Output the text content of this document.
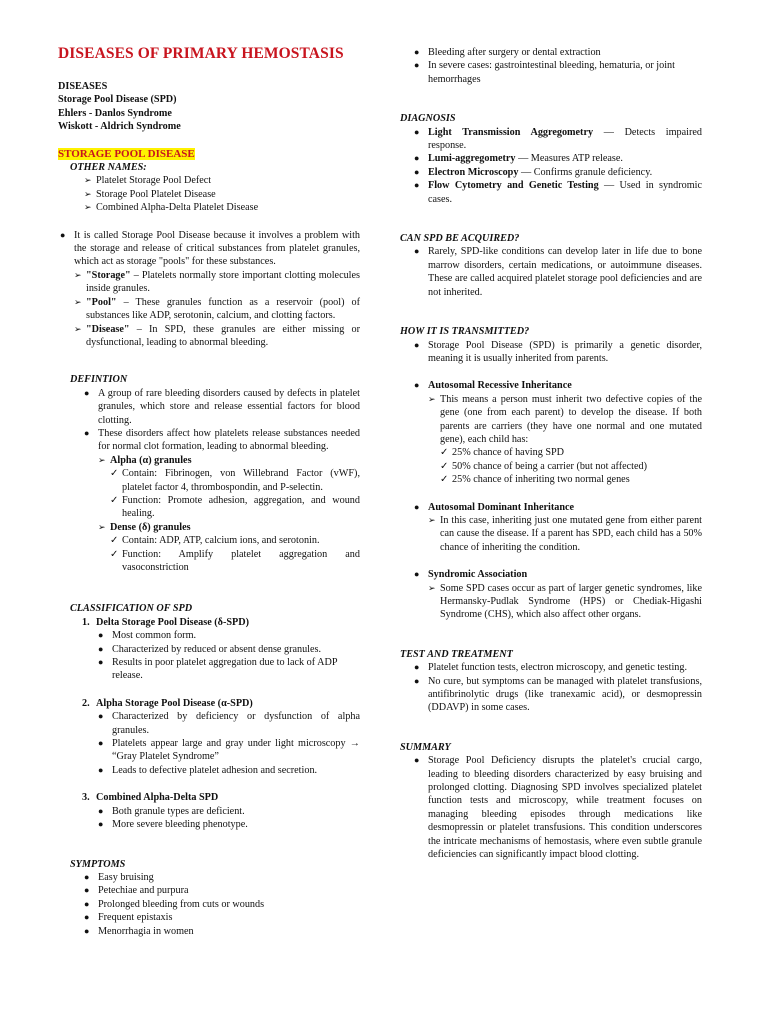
DISEASES OF PRIMARY HEMOSTASIS
DISEASES
Storage Pool Disease (SPD)
Ehlers - Danlos Syndrome
Wiskott - Aldrich Syndrome
STORAGE POOL DISEASE
OTHER NAMES:
➢ Platelet Storage Pool Defect
➢ Storage Pool Platelet Disease
➢ Combined Alpha-Delta Platelet Disease
● It is called Storage Pool Disease because it involves a problem with the storage and release of critical substances from platelet granules, which act as storage "pools" for these substances.
➢ "Storage" – Platelets normally store important clotting molecules inside granules.
➢ "Pool" – These granules function as a reservoir (pool) of substances like ADP, serotonin, calcium, and clotting factors.
➢ "Disease" – In SPD, these granules are either missing or dysfunctional, leading to abnormal bleeding.
DEFINTION
● A group of rare bleeding disorders caused by defects in platelet granules, which store and release essential factors for blood clotting.
● These disorders affect how platelets release substances needed for normal clot formation, leading to abnormal bleeding.
➢ Alpha (α) granules
✓ Contain: Fibrinogen, von Willebrand Factor (vWF), platelet factor 4, thrombospondin, and P-selectin.
✓ Function: Promote adhesion, aggregation, and wound healing.
➢ Dense (δ) granules
✓ Contain: ADP, ATP, calcium ions, and serotonin.
✓ Function: Amplify platelet aggregation and vasoconstriction
CLASSIFICATION OF SPD
1. Delta Storage Pool Disease (δ-SPD)
● Most common form.
● Characterized by reduced or absent dense granules.
● Results in poor platelet aggregation due to lack of ADP release.
2. Alpha Storage Pool Disease (α-SPD)
● Characterized by deficiency or dysfunction of alpha granules.
● Platelets appear large and gray under light microscopy → “Gray Platelet Syndrome”
● Leads to defective platelet adhesion and secretion.
3. Combined Alpha-Delta SPD
● Both granule types are deficient.
● More severe bleeding phenotype.
SYMPTOMS
● Easy bruising
● Petechiae and purpura
● Prolonged bleeding from cuts or wounds
● Frequent epistaxis
● Menorrhagia in women
● Bleeding after surgery or dental extraction
● In severe cases: gastrointestinal bleeding, hematuria, or joint hemorrhages
DIAGNOSIS
● Light Transmission Aggregometry — Detects impaired response.
● Lumi-aggregometry — Measures ATP release.
● Electron Microscopy — Confirms granule deficiency.
● Flow Cytometry and Genetic Testing — Used in syndromic cases.
CAN SPD BE ACQUIRED?
● Rarely, SPD-like conditions can develop later in life due to bone marrow disorders, certain medications, or autoimmune diseases. These are called acquired platelet storage pool deficiencies and are not inherited.
HOW IT IS TRANSMITTED?
● Storage Pool Disease (SPD) is primarily a genetic disorder, meaning it is usually inherited from parents.
● Autosomal Recessive Inheritance
➢ This means a person must inherit two defective copies of the gene (one from each parent) to develop the disease. If both parents are carriers (they have one normal and one mutated gene), each child has:
✓ 25% chance of having SPD
✓ 50% chance of being a carrier (but not affected)
✓ 25% chance of inheriting two normal genes
● Autosomal Dominant Inheritance
➢ In this case, inheriting just one mutated gene from either parent can cause the disease. If a parent has SPD, each child has a 50% chance of inheriting the condition.
● Syndromic Association
➢ Some SPD cases occur as part of larger genetic syndromes, like Hermansky-Pudlak Syndrome (HPS) or Chediak-Higashi Syndrome (CHS), which also affect other organs.
TEST AND TREATMENT
● Platelet function tests, electron microscopy, and genetic testing.
● No cure, but symptoms can be managed with platelet transfusions, antifibrinolytic drugs (like tranexamic acid), or desmopressin (DDAVP) in some cases.
SUMMARY
● Storage Pool Deficiency disrupts the platelet's crucial cargo, leading to bleeding disorders characterized by easy bruising and prolonged clotting. Diagnosing SPD involves specialized platelet function tests and microscopy, while treatment focuses on managing bleeding episodes through medications like desmopressin or platelet transfusions. This condition underscores the intricate mechanisms of hemostasis, where even subtle granule deficiencies can significantly impact blood clotting.
